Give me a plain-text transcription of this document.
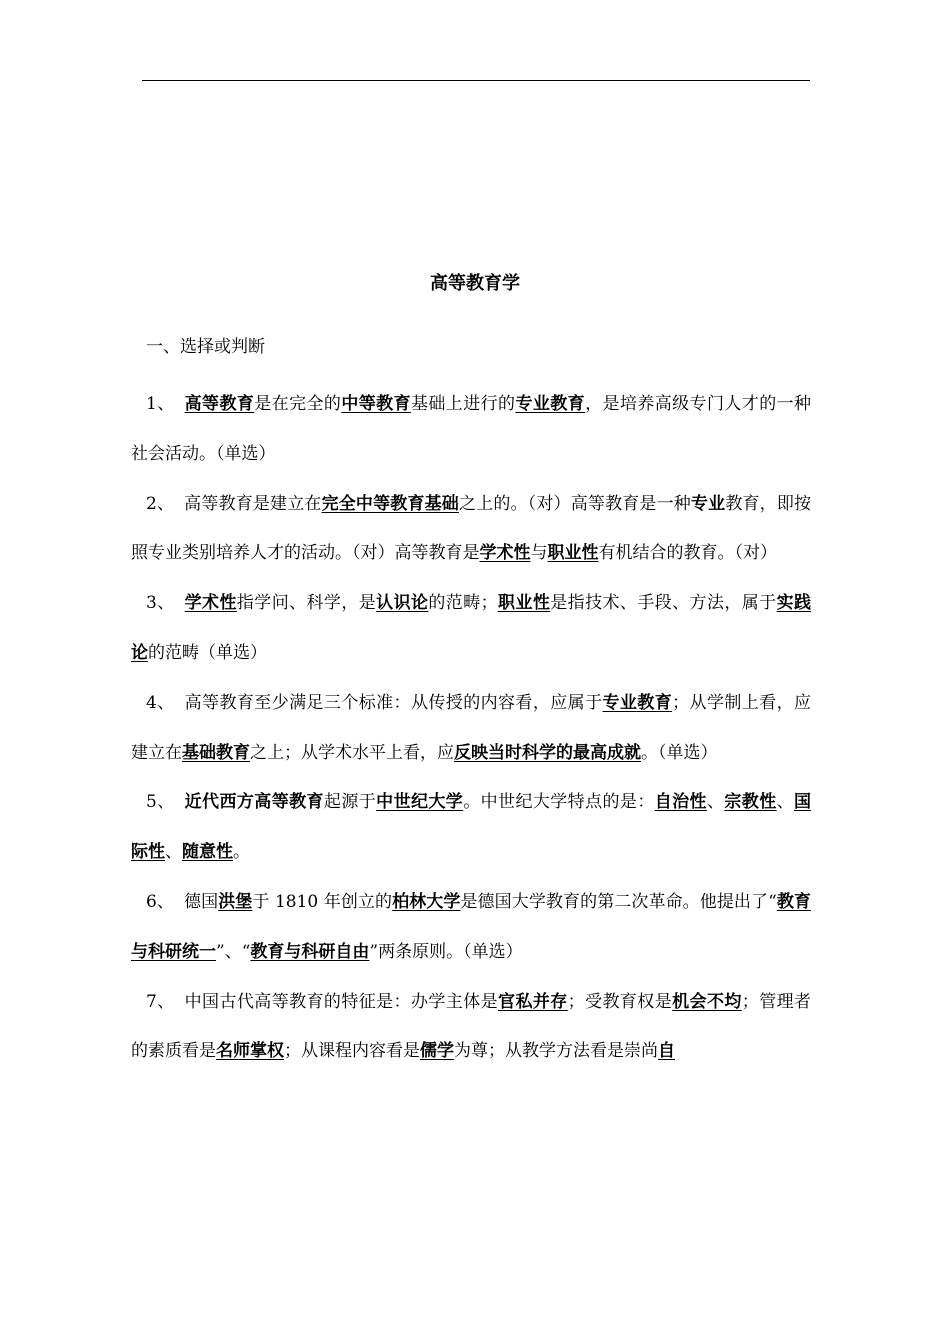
高等教育学
一、选择或判断

1、 高等教育是在完全的中等教育基础上进行的专业教育，是培养高级专门人才的一种社会活动。（单选）

2、 高等教育是建立在完全中等教育基础之上的。（对）高等教育是一种专业教育，即按照专业类别培养人才的活动。（对）高等教育是学术性与职业性有机结合的教育。（对）

3、 学术性指学问、科学，是认识论的范畴；职业性是指技术、手段、方法，属于实践论的范畴（单选）

4、 高等教育至少满足三个标准：从传授的内容看，应属于专业教育；从学制上看，应建立在基础教育之上；从学术水平上看，应反映当时科学的最高成就。（单选）

5、 近代西方高等教育起源于中世纪大学。中世纪大学特点的是：自治性、宗教性、国际性、随意性。

6、 德国洪堡于 1810 年创立的柏林大学是德国大学教育的第二次革命。他提出了“教育与科研统一”、“教育与科研自由”两条原则。（单选）

7、 中国古代高等教育的特征是：办学主体是官私并存；受教育权是机会不均；管理者的素质看是名师掌权；从课程内容看是儒学为尊；从教学方法看是崇尚自
